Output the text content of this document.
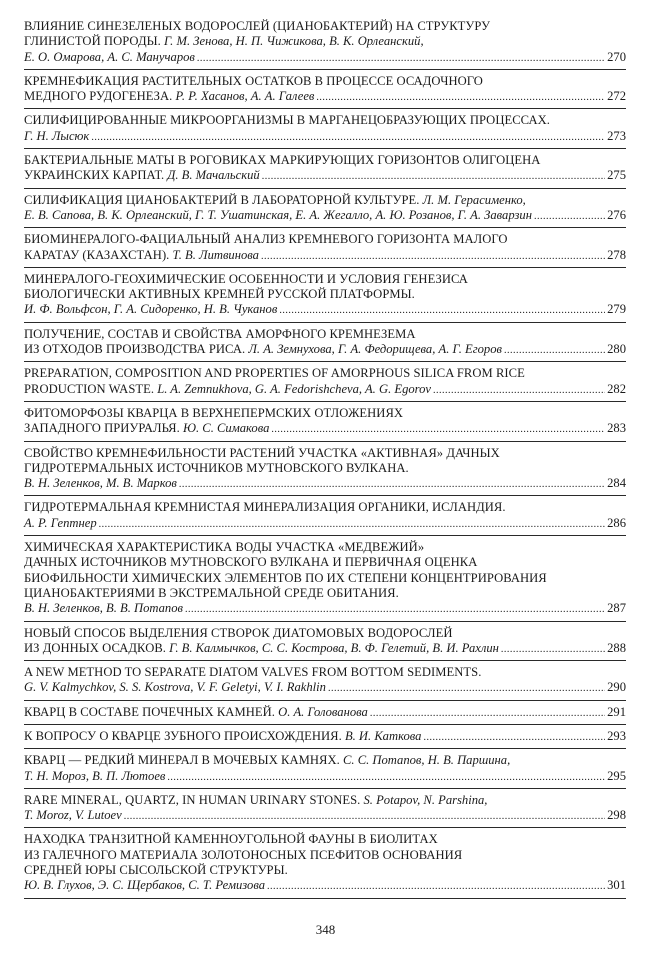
ВЛИЯНИЕ СИНЕЗЕЛЕНЫХ ВОДОРОСЛЕЙ (ЦИАНОБАКТЕРИЙ) НА СТРУКТУРУ
ГЛИНИСТОЙ ПОРОДЫ. Г. М. Зенова, Н. П. Чижикова, В. К. Орлеанский,
Е. О. Омарова, А. С. Манучаров .....	270
КРЕМНЕФИКАЦИЯ РАСТИТЕЛЬНЫХ ОСТАТКОВ В ПРОЦЕССЕ ОСАДОЧНОГО
МЕДНОГО РУДОГЕНЕЗА. Р. Р. Хасанов, А. А. Галеев .....	272
СИЛИФИЦИРОВАННЫЕ МИКРООРГАНИЗМЫ В МАРГАНЕЦОБРАЗУЮЩИХ ПРОЦЕССАХ.
Г. Н. Лысюк .....	273
БАКТЕРИАЛЬНЫЕ МАТЫ В РОГОВИКАХ МАРКИРУЮЩИХ ГОРИЗОНТОВ ОЛИГОЦЕНА
УКРАИНСКИХ КАРПАТ. Д. В. Мачальский .....	275
СИЛИФИКАЦИЯ ЦИАНОБАКТЕРИЙ В ЛАБОРАТОРНОЙ КУЛЬТУРЕ. Л. М. Герасименко,
Е. В. Сапова, В. К. Орлеанский, Г. Т. Ушатинская, Е. А. Жегалло, А. Ю. Розанов, Г. А. Заварзин .....	276
БИОМИНЕРАЛОГО-ФАЦИАЛЬНЫЙ АНАЛИЗ КРЕМНЕВОГО ГОРИЗОНТА МАЛОГО
КАРАТАУ (КАЗАХСТАН). Т. В. Литвинова .....	278
МИНЕРАЛОГО-ГЕОХИМИЧЕСКИЕ ОСОБЕННОСТИ И УСЛОВИЯ ГЕНЕЗИСА
БИОЛОГИЧЕСКИ АКТИВНЫХ КРЕМНЕЙ РУССКОЙ ПЛАТФОРМЫ.
И. Ф. Вольфсон, Г. А. Сидоренко, Н. В. Чуканов .....	279
ПОЛУЧЕНИЕ, СОСТАВ И СВОЙСТВА АМОРФНОГО КРЕМНЕЗЕМА
ИЗ ОТХОДОВ ПРОИЗВОДСТВА РИСА. Л. А. Земнухова, Г. А. Федорищева, А. Г. Егоров .....	280
PREPARATION, COMPOSITION AND PROPERTIES OF AMORPHOUS SILICA FROM RICE
PRODUCTION WASTE. L. A. Zemnukhova, G. A. Fedorishcheva, A. G. Egorov .....	282
ФИТОМОРФОЗЫ КВАРЦА В ВЕРХНЕПЕРМСКИХ ОТЛОЖЕНИЯХ
ЗАПАДНОГО ПРИУРАЛЬЯ. Ю. С. Симакова .....	283
СВОЙСТВО КРЕМНЕФИЛЬНОСТИ РАСТЕНИЙ УЧАСТКА «АКТИВНАЯ» ДАЧНЫХ
ГИДРОТЕРМАЛЬНЫХ ИСТОЧНИКОВ МУТНОВСКОГО ВУЛКАНА.
В. Н. Зеленков, М. В. Марков .....	284
ГИДРОТЕРМАЛЬНАЯ КРЕМНИСТАЯ МИНЕРАЛИЗАЦИЯ ОРГАНИКИ, ИСЛАНДИЯ.
А. Р. Гептнер .....	286
ХИМИЧЕСКАЯ ХАРАКТЕРИСТИКА ВОДЫ УЧАСТКА «МЕДВЕЖИЙ»
ДАЧНЫХ ИСТОЧНИКОВ МУТНОВСКОГО ВУЛКАНА И ПЕРВИЧНАЯ ОЦЕНКА
БИОФИЛЬНОСТИ ХИМИЧЕСКИХ ЭЛЕМЕНТОВ ПО ИХ СТЕПЕНИ КОНЦЕНТРИРОВАНИЯ
ЦИАНОБАКТЕРИЯМИ В ЭКСТРЕМАЛЬНОЙ СРЕДЕ ОБИТАНИЯ.
В. Н. Зеленков, В. В. Потапов .....	287
НОВЫЙ СПОСОБ ВЫДЕЛЕНИЯ СТВОРОК ДИАТОМОВЫХ ВОДОРОСЛЕЙ
ИЗ ДОННЫХ ОСАДКОВ. Г. В. Калмычков, С. С. Кострова, В. Ф. Гелетий, В. И. Рахлин .....	288
A NEW METHOD TO SEPARATE DIATOM VALVES FROM BOTTOM SEDIMENTS.
G. V. Kalmychkov, S. S. Kostrova, V. F. Geletyi, V. I. Rakhlin .....	290
КВАРЦ В СОСТАВЕ ПОЧЕЧНЫХ КАМНЕЙ. О. А. Голованова .....	291
К ВОПРОСУ О КВАРЦЕ ЗУБНОГО ПРОИСХОЖДЕНИЯ. В. И. Каткова .....	293
КВАРЦ — РЕДКИЙ МИНЕРАЛ В МОЧЕВЫХ КАМНЯХ. С. С. Потапов, Н. В. Паршина,
Т. Н. Мороз, В. П. Лютоев .....	295
RARE MINERAL, QUARTZ, IN HUMAN URINARY STONES. S. Potapov, N. Parshina,
T. Moroz, V. Lutoev .....	298
НАХОДКА ТРАНЗИТНОЙ КАМЕННОУГОЛЬНОЙ ФАУНЫ В БИОЛИТАХ
ИЗ ГАЛЕЧНОГО МАТЕРИАЛА ЗОЛОТОНОСНЫХ ПСЕФИТОВ ОСНОВАНИЯ
СРЕДНЕЙ ЮРЫ СЫСОЛЬСКОЙ СТРУКТУРЫ.
Ю. В. Глухов, Э. С. Щербаков, С. Т. Ремизова .....	301
348
